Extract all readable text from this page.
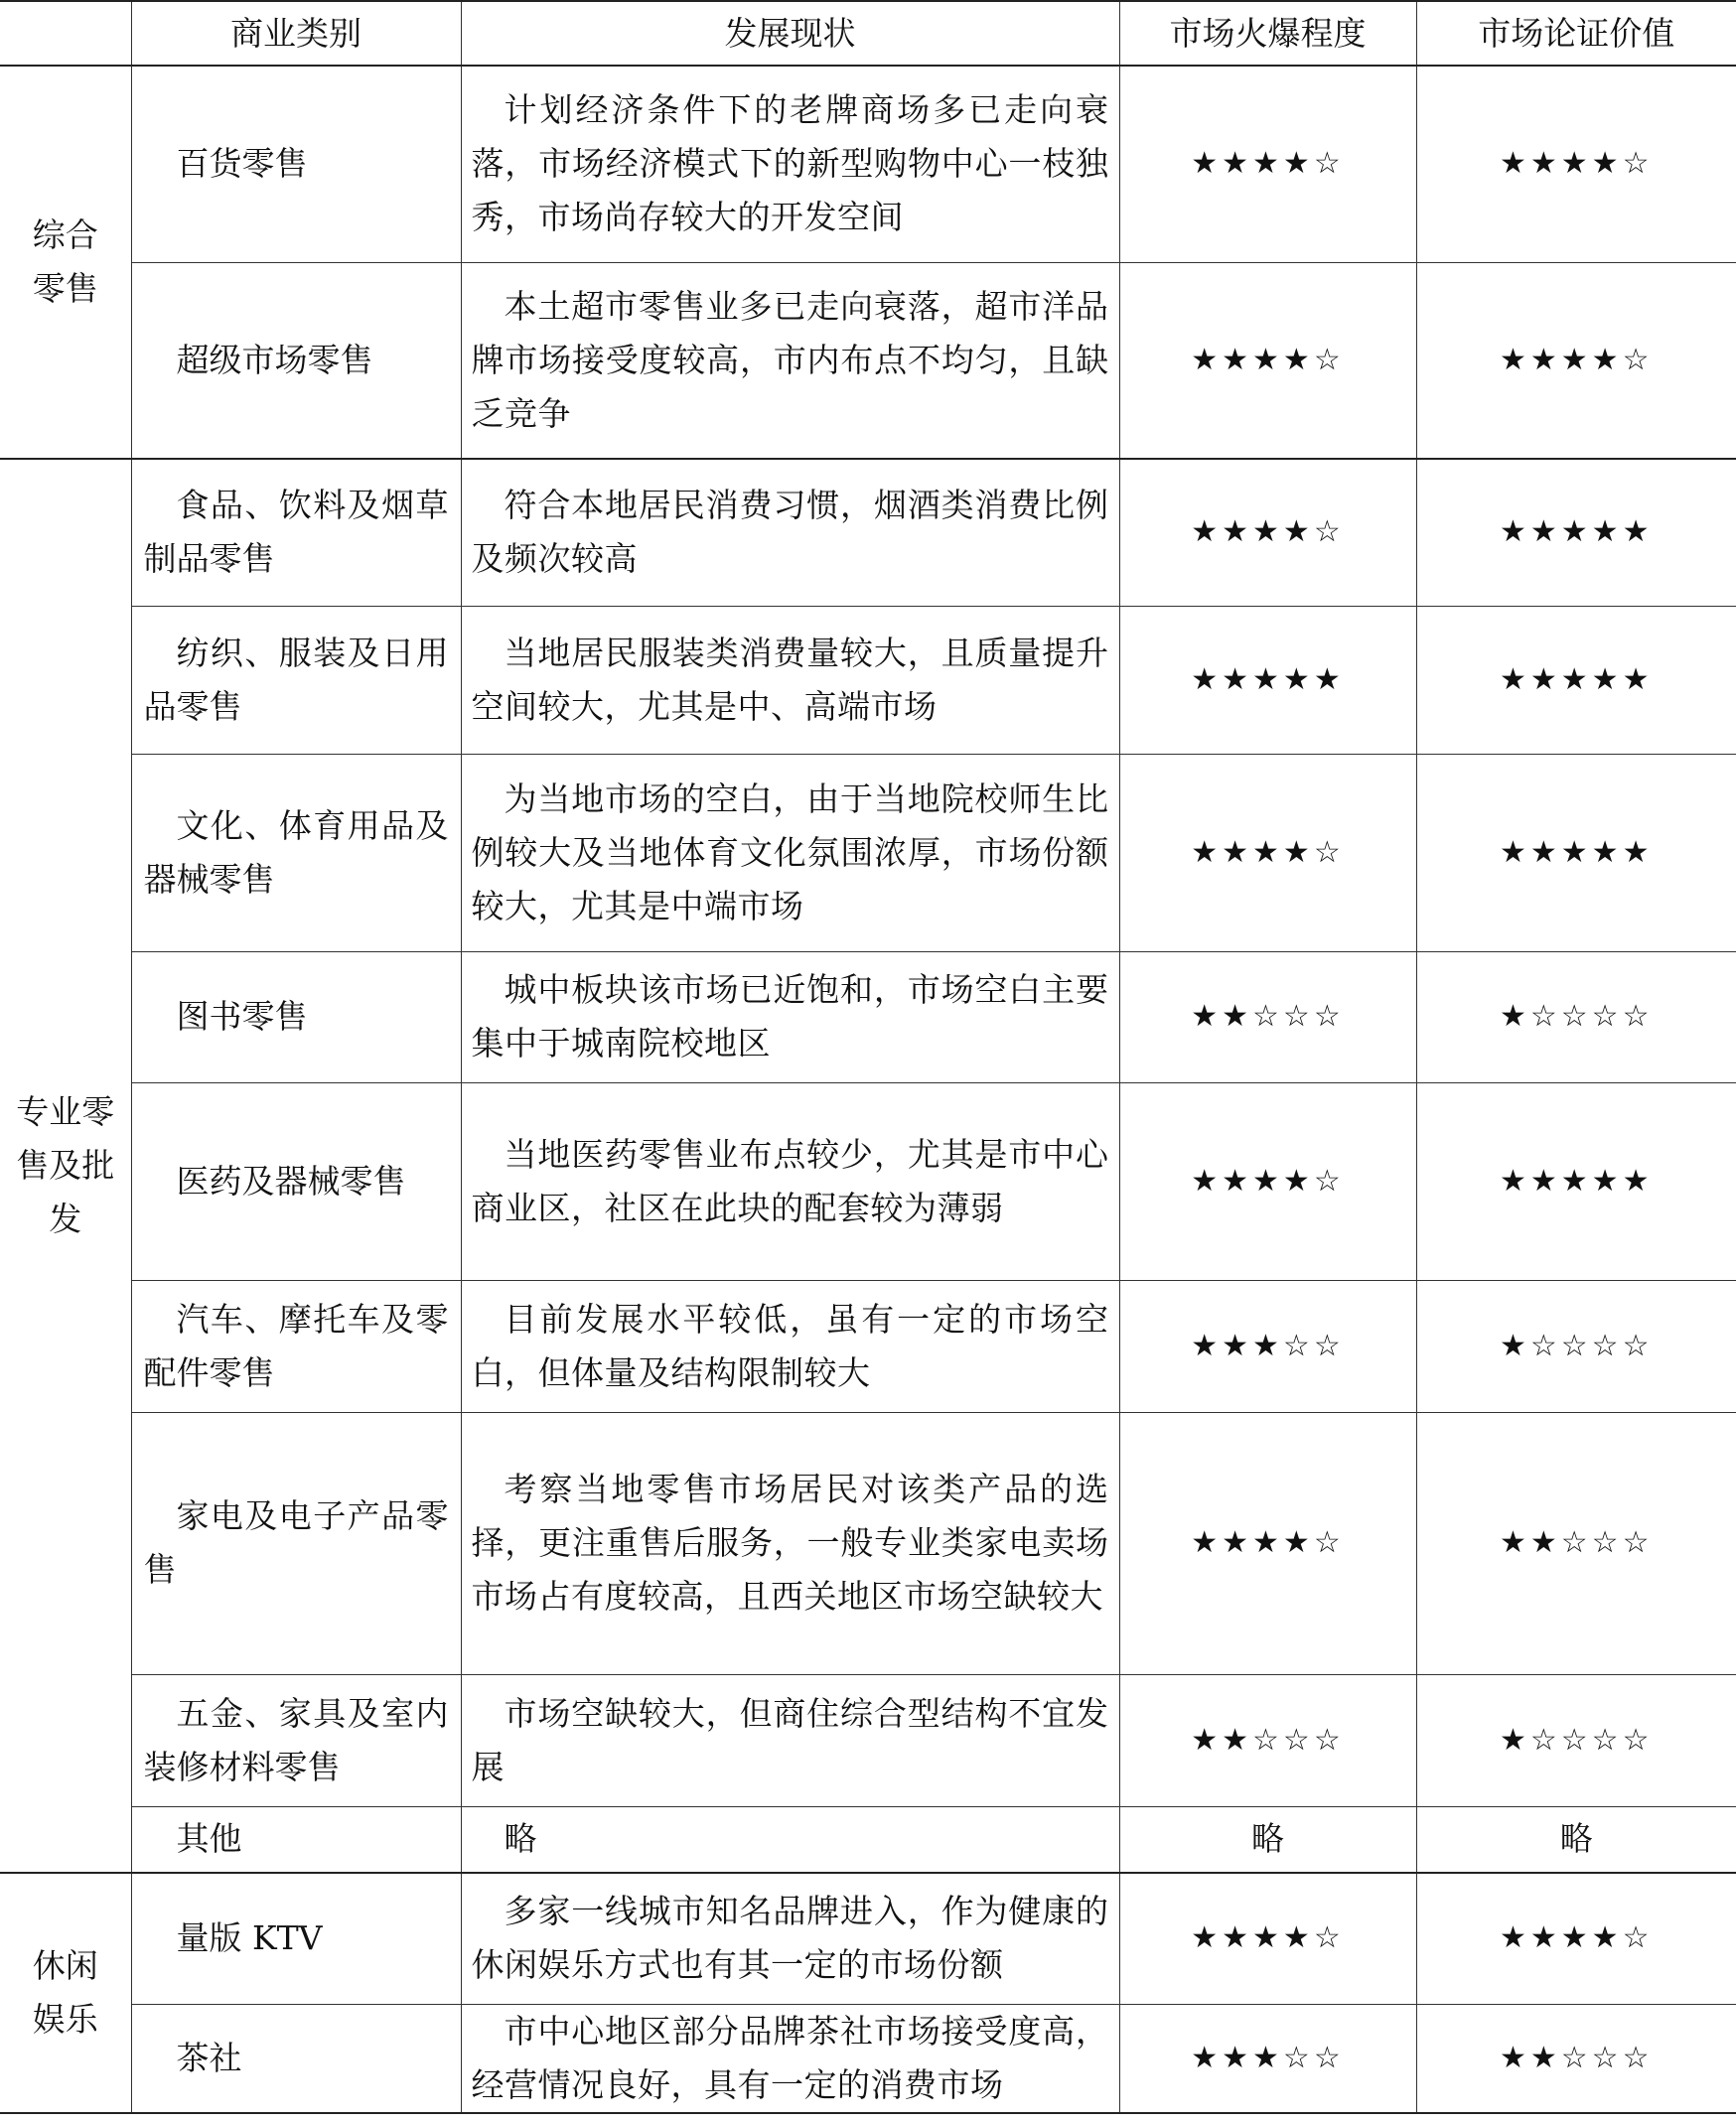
	商业类别	发展现状	市场火爆程度	市场论证价值
综合零售	百货零售	计划经济条件下的老牌商场多已走向衰落，市场经济模式下的新型购物中心一枝独秀，市场尚存较大的开发空间	★★★★☆	★★★★☆
	超级市场零售	本土超市零售业多已走向衰落，超市洋品牌市场接受度较高，市内布点不均匀，且缺乏竞争	★★★★☆	★★★★☆
专业零售及批发	食品、饮料及烟草制品零售	符合本地居民消费习惯，烟酒类消费比例及频次较高	★★★★☆	★★★★★
	纺织、服装及日用品零售	当地居民服装类消费量较大，且质量提升空间较大，尤其是中、高端市场	★★★★★	★★★★★
	文化、体育用品及器械零售	为当地市场的空白，由于当地院校师生比例较大及当地体育文化氛围浓厚，市场份额较大，尤其是中端市场	★★★★☆	★★★★★
	图书零售	城中板块该市场已近饱和，市场空白主要集中于城南院校地区	★★☆☆☆	★☆☆☆☆
	医药及器械零售	当地医药零售业布点较少，尤其是市中心商业区，社区在此块的配套较为薄弱	★★★★☆	★★★★★
	汽车、摩托车及零配件零售	目前发展水平较低，虽有一定的市场空白，但体量及结构限制较大	★★★☆☆	★☆☆☆☆
	家电及电子产品零售	考察当地零售市场居民对该类产品的选择，更注重售后服务，一般专业类家电卖场市场占有度较高，且西关地区市场空缺较大	★★★★☆	★★☆☆☆
	五金、家具及室内装修材料零售	市场空缺较大，但商住综合型结构不宜发展	★★☆☆☆	★☆☆☆☆
	其他	略	略	略
休闲娱乐	量版 KTV	多家一线城市知名品牌进入，作为健康的休闲娱乐方式也有其一定的市场份额	★★★★☆	★★★★☆
	茶社	市中心地区部分品牌茶社市场接受度高，经营情况良好，具有一定的消费市场	★★★☆☆	★★☆☆☆
